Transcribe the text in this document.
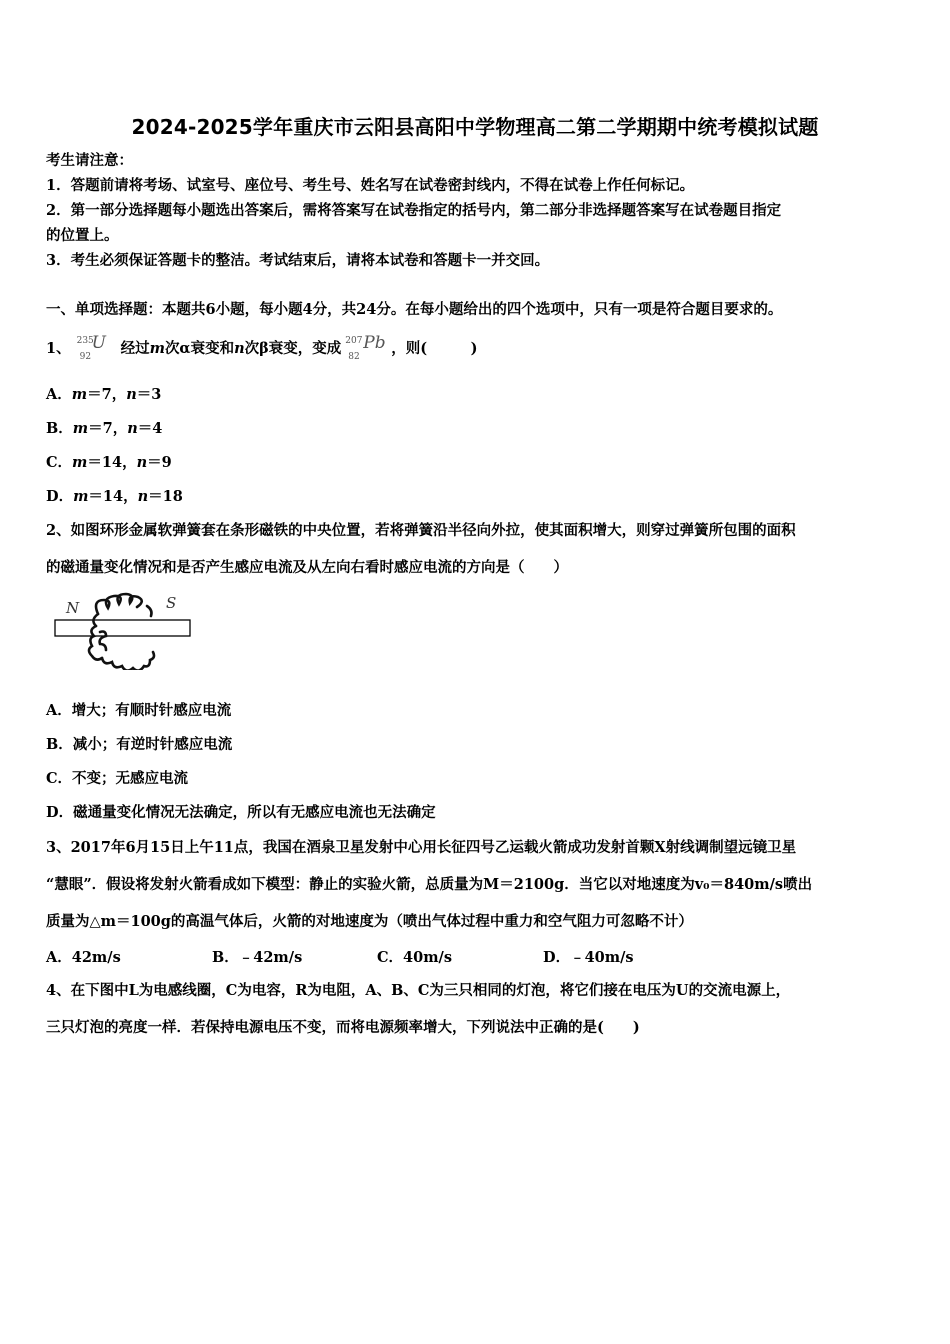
2024-2025学年重庆市云阳县高阳中学物理高二第二学期期中统考模拟试题
考生请注意：
1．答题前请将考场、试室号、座位号、考生号、姓名写在试卷密封线内，不得在试卷上作任何标记。
2．第一部分选择题每小题选出答案后，需将答案写在试卷指定的括号内，第二部分非选择题答案写在试卷题目指定
的位置上。
3．考生必须保证答题卡的整洁。考试结束后，请将本试卷和答题卡一并交回。
一、单项选择题：本题共6小题，每小题4分，共24分。在每小题给出的四个选项中，只有一项是符合题目要求的。
1、 235
92
U 经过m次α衰变和n次β衰变，变成 207
82
Pb ，则(　　　)
A．m＝7，n＝3
B．m＝7，n＝4
C．m＝14，n＝9
D．m＝14，n＝18
2、如图环形金属软弹簧套在条形磁铁的中央位置，若将弹簧沿半径向外拉，使其面积增大，则穿过弹簧所包围的面积
的磁通量变化情况和是否产生感应电流及从左向右看时感应电流的方向是（　　）
N	S
A．增大；有顺时针感应电流
B．减小；有逆时针感应电流
C．不变；无感应电流
D．磁通量变化情况无法确定，所以有无感应电流也无法确定
3、2017年6月15日上午11点，我国在酒泉卫星发射中心用长征四号乙运载火箭成功发射首颗X射线调制望远镜卫星
“慧眼”．假设将发射火箭看成如下模型：静止的实验火箭，总质量为M＝2100g．当它以对地速度为v₀＝840m/s喷出
质量为△m＝100g的高温气体后，火箭的对地速度为（喷出气体过程中重力和空气阻力可忽略不计）
A．42m/s	B．﹣42m/s	C．40m/s	D．﹣40m/s
4、在下图中L为电感线圈，C为电容，R为电阻，A、B、C为三只相同的灯泡，将它们接在电压为U的交流电源上，
三只灯泡的亮度一样．若保持电源电压不变，而将电源频率增大，下列说法中正确的是(　　)
